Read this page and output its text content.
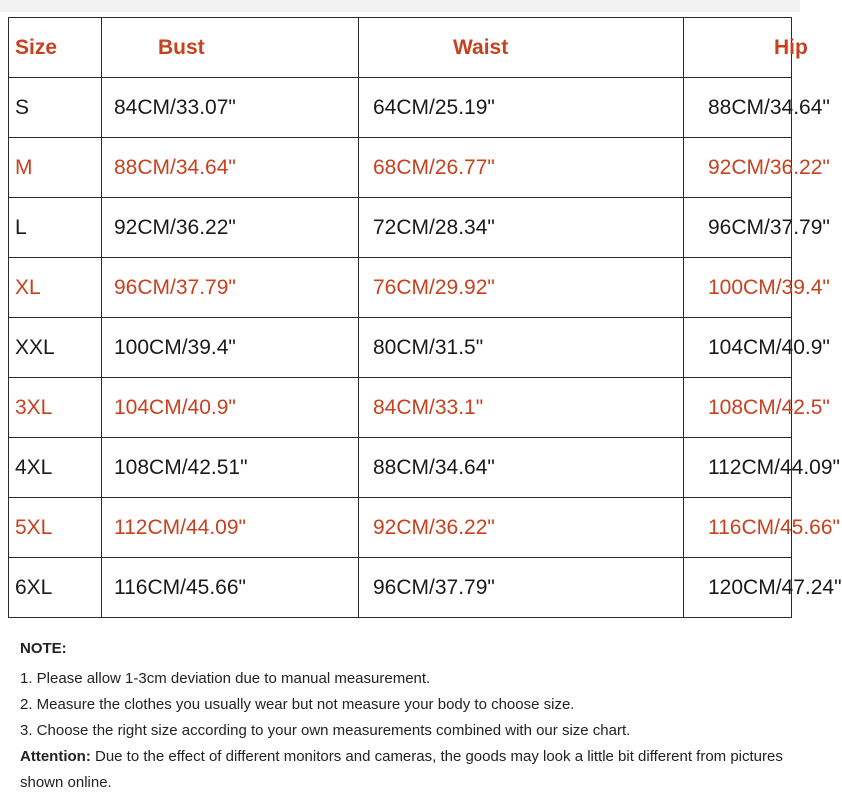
Size	Bust	Waist	Hip
S	84CM/33.07"	64CM/25.19"	88CM/34.64"
M	88CM/34.64"	68CM/26.77"	92CM/36.22"
L	92CM/36.22"	72CM/28.34"	96CM/37.79"
XL	96CM/37.79"	76CM/29.92"	100CM/39.4"
XXL	100CM/39.4"	80CM/31.5"	104CM/40.9"
3XL	104CM/40.9"	84CM/33.1"	108CM/42.5"
4XL	108CM/42.51"	88CM/34.64"	112CM/44.09"
5XL	112CM/44.09"	92CM/36.22"	116CM/45.66"
6XL	116CM/45.66"	96CM/37.79"	120CM/47.24"

NOTE:

1. Please allow 1-3cm deviation due to manual measurement.

2. Measure the clothes you usually wear but not measure your body to choose size.

3. Choose the right size according to your own measurements combined with our size chart.

Attention: Due to the effect of different monitors and cameras, the goods may look a little bit different from pictures shown online.
